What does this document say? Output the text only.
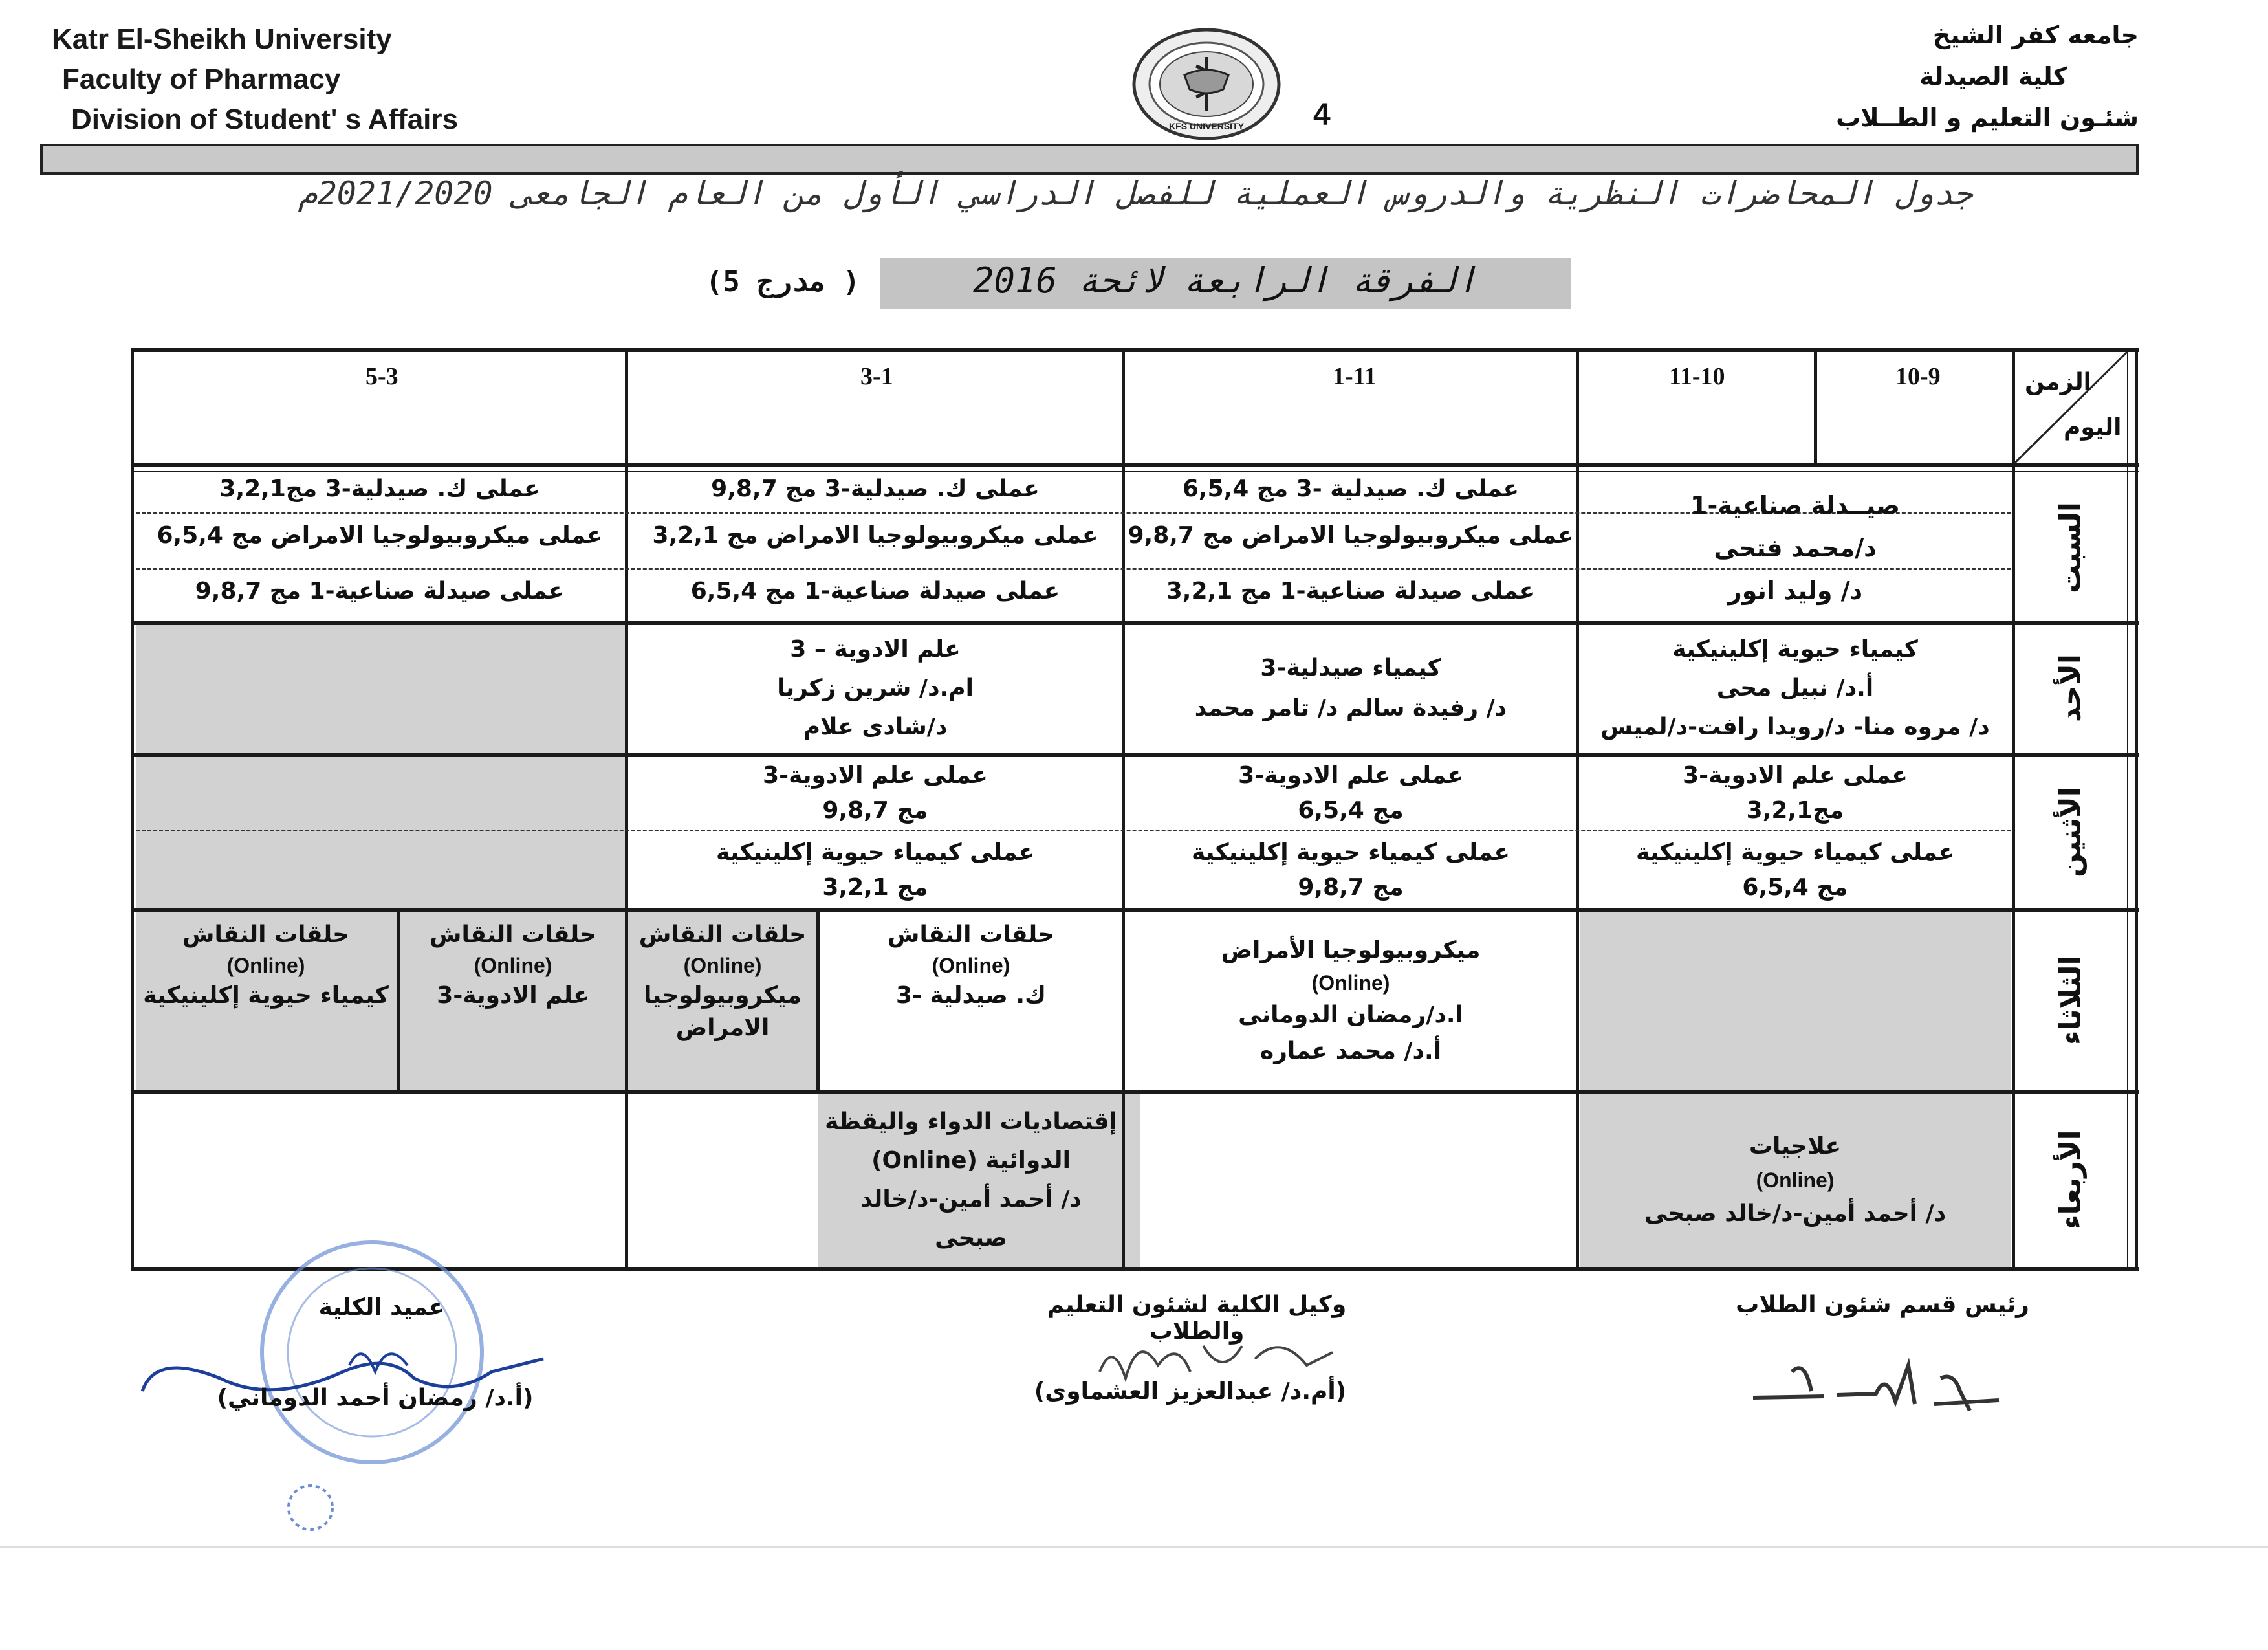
Katr El-Sheikh University
Faculty of Pharmacy
Division of Student' s Affairs
جامعه كفر الشيخ
كلية الصيدلة
شئـون التعليم و الطــلاب
KFS UNIVERSITY 4
جدول المحاضرات النظرية والدروس العملية للفصل الدراسي الأول من العام الجامعى 2021/2020م
الفرقة الرابعة لائحة 2016
( مدرج 5)
الزمن
اليوم
10-9
11-10
1-11
3-1
5-3
السبت
الأحد
الأثنين
الثلاثاء
الأربعاء
صيــدلة صناعية-1
د/محمد فتحى
د/ وليد انور
عملى ك. صيدلية -3 مج 6,5,4
عملى ميكروبيولوجيا الامراض مج 9,8,7
عملى صيدلة صناعية-1 مج 3,2,1
عملى ك. صيدلية-3 مج 9,8,7
عملى ميكروبيولوجيا الامراض مج 3,2,1
عملى صيدلة صناعية-1 مج 6,5,4
عملى ك. صيدلية-3 مج3,2,1
عملى ميكروبيولوجيا الامراض مج 6,5,4
عملى صيدلة صناعية-1 مج 9,8,7
كيمياء حيوية إكلينيكية
أ.د/ نبيل محى
د/ مروه منا- د/رويدا رافت-د/لميس
كيمياء صيدلية-3
د/ رفيدة سالم د/ تامر محمد
علم الادوية – 3
ام.د/ شرين زكريا
د/شادى علام
عملى علم الادوية-3
مج3,2,1
عملى كيمياء حيوية إكلينيكية
مج 6,5,4
عملى علم الادوية-3
مج 6,5,4
عملى كيمياء حيوية إكلينيكية
مج 9,8,7
عملى علم الادوية-3
مج 9,8,7
عملى كيمياء حيوية إكلينيكية
مج 3,2,1
ميكروبيولوجيا الأمراض
(Online)
ا.د/رمضان الدومانى
أ.د/ محمد عماره
حلقات النقاش
(Online)
ك. صيدلية -3
حلقات النقاش
(Online)
ميكروبيولوجيا
الامراض
حلقات النقاش
(Online)
علم الادوية-3
حلقات النقاش
(Online)
كيمياء حيوية إكلينيكية
علاجيات
(Online)
د/ أحمد أمين-د/خالد صبحى
إقتصاديات الدواء واليقظة
الدوائية (Online)
د/ أحمد أمين-د/خالد
صبحى
رئيس قسم شئون الطلاب
وكيل الكلية لشئون التعليم والطلاب
(أم.د/ عبدالعزيز العشماوى)
عميد الكلية
(أ.د/ رمضان أحمد الدوماني)
